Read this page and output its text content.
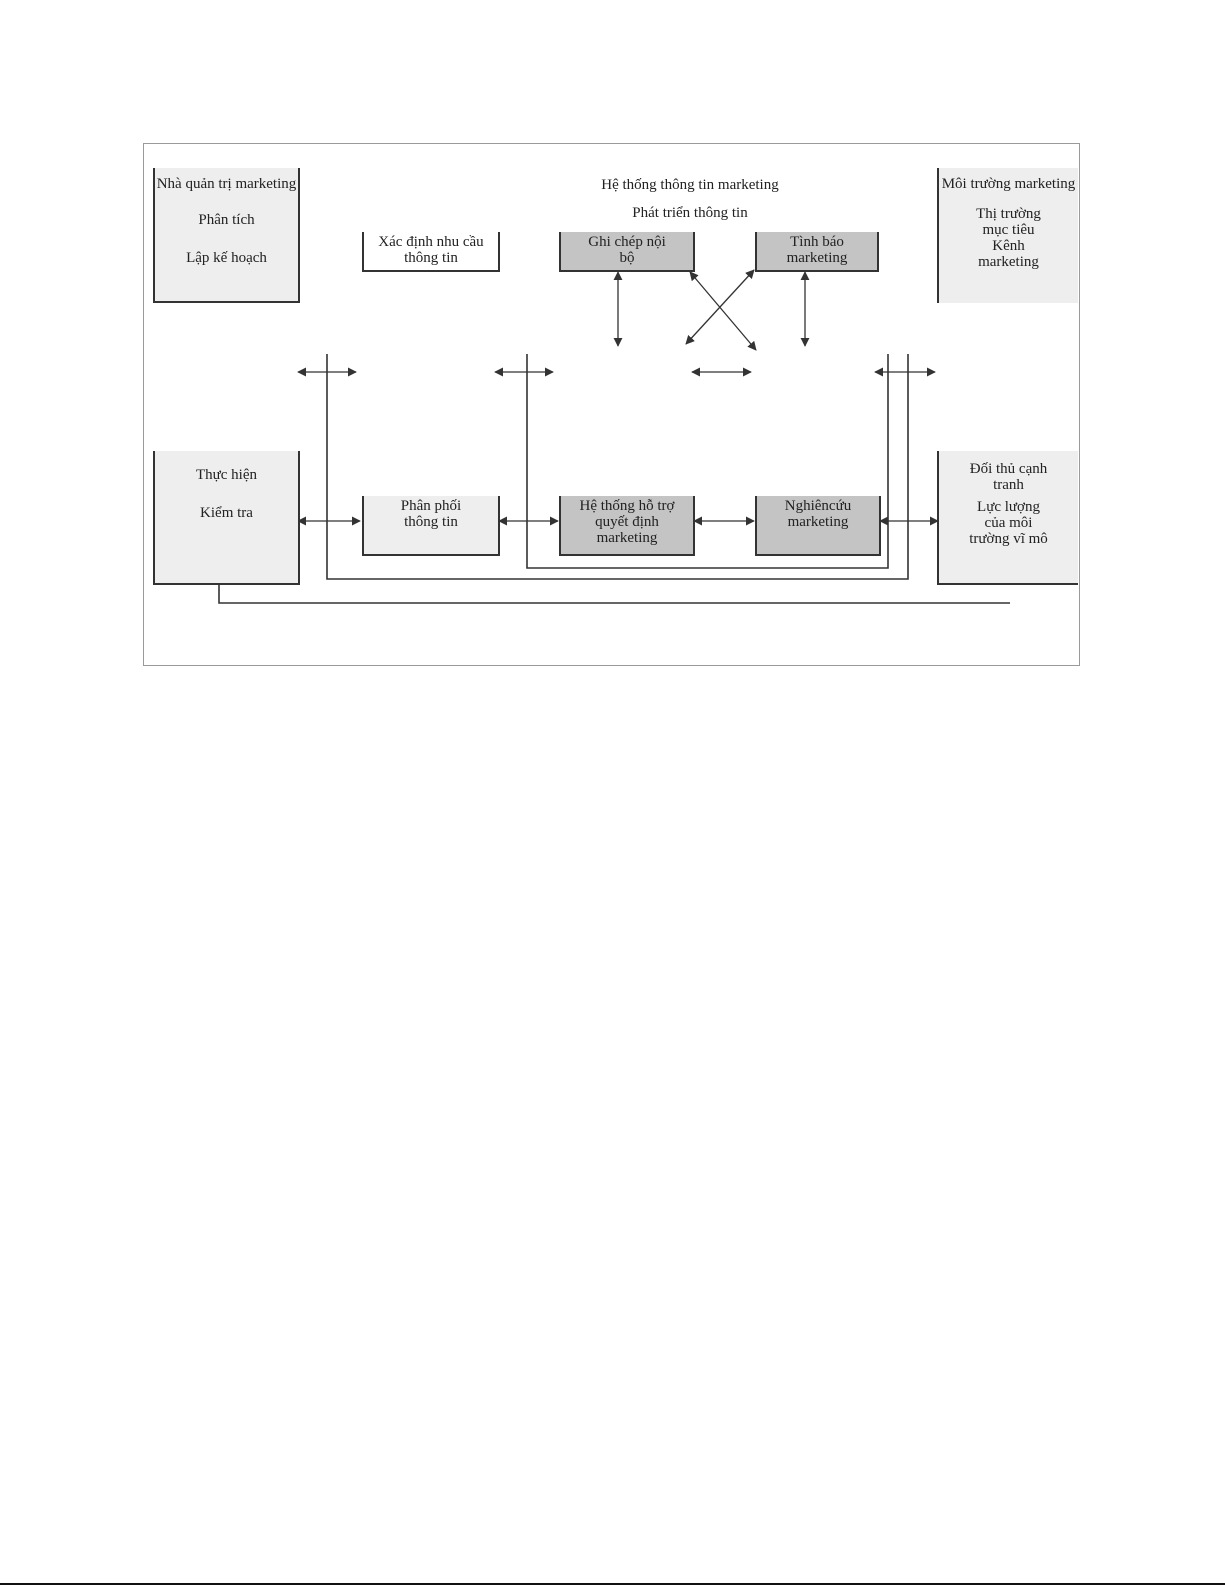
Hệ thống thông tin marketing
Phát triển thông tin
Nhà quản trị marketing
Phân tích
Lập kế hoạch
Thực hiện
Kiểm tra
Môi trường marketing
Thị trường mục tiêu
Kênh marketing
Đối thủ cạnh tranh
Lực lượng của môi trường vĩ mô
Xác định nhu cầu thông tin
Ghi chép nội bộ
Tình báo marketing
Phân phối thông tin
Hệ thống hỗ trợ quyết định marketing
Nghiêncứu marketing
